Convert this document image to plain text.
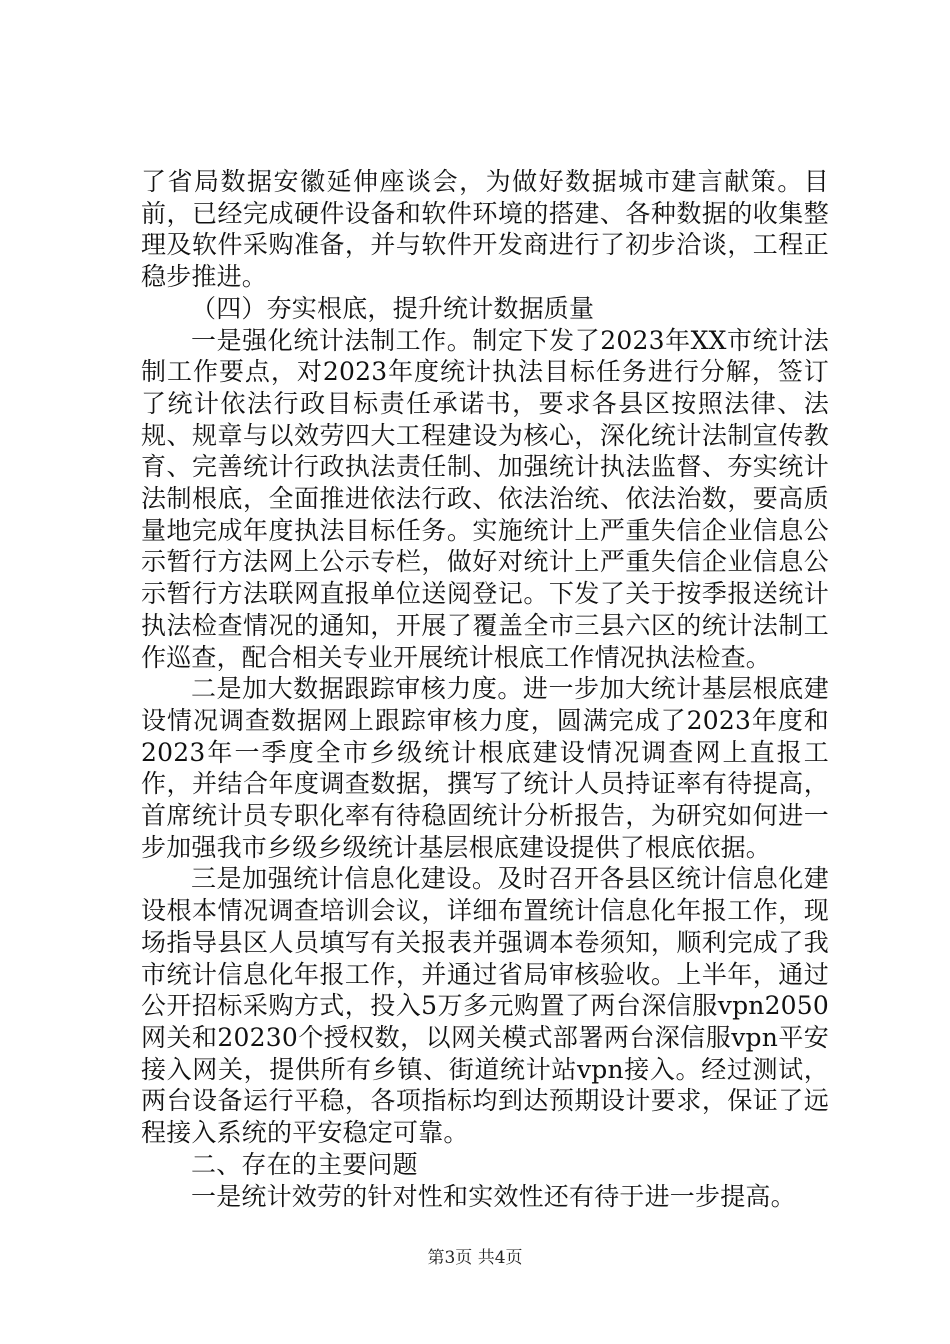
了省局数据安徽延伸座谈会，为做好数据城市建言献策。目前，已经完成硬件设备和软件环境的搭建、各种数据的收集整理及软件采购准备，并与软件开发商进行了初步洽谈，工程正稳步推进。

（四）夯实根底，提升统计数据质量

一是强化统计法制工作。制定下发了2023年XX市统计法制工作要点，对2023年度统计执法目标任务进行分解，签订了统计依法行政目标责任承诺书，要求各县区按照法律、法规、规章与以效劳四大工程建设为核心，深化统计法制宣传教育、完善统计行政执法责任制、加强统计执法监督、夯实统计法制根底，全面推进依法行政、依法治统、依法治数，要高质量地完成年度执法目标任务。实施统计上严重失信企业信息公示暂行方法网上公示专栏，做好对统计上严重失信企业信息公示暂行方法联网直报单位送阅登记。下发了关于按季报送统计执法检查情况的通知，开展了覆盖全市三县六区的统计法制工作巡查，配合相关专业开展统计根底工作情况执法检查。

二是加大数据跟踪审核力度。进一步加大统计基层根底建设情况调查数据网上跟踪审核力度，圆满完成了2023年度和2023年一季度全市乡级统计根底建设情况调查网上直报工作，并结合年度调查数据，撰写了统计人员持证率有待提高，首席统计员专职化率有待稳固统计分析报告，为研究如何进一步加强我市乡级乡级统计基层根底建设提供了根底依据。

三是加强统计信息化建设。及时召开各县区统计信息化建设根本情况调查培训会议，详细布置统计信息化年报工作，现场指导县区人员填写有关报表并强调本卷须知，顺利完成了我市统计信息化年报工作，并通过省局审核验收。上半年，通过公开招标采购方式，投入5万多元购置了两台深信服vpn2050网关和20230个授权数，以网关模式部署两台深信服vpn平安接入网关，提供所有乡镇、街道统计站vpn接入。经过测试，两台设备运行平稳，各项指标均到达预期设计要求，保证了远程接入系统的平安稳定可靠。

二、存在的主要问题

一是统计效劳的针对性和实效性还有待于进一步提高。

第3页 共4页
